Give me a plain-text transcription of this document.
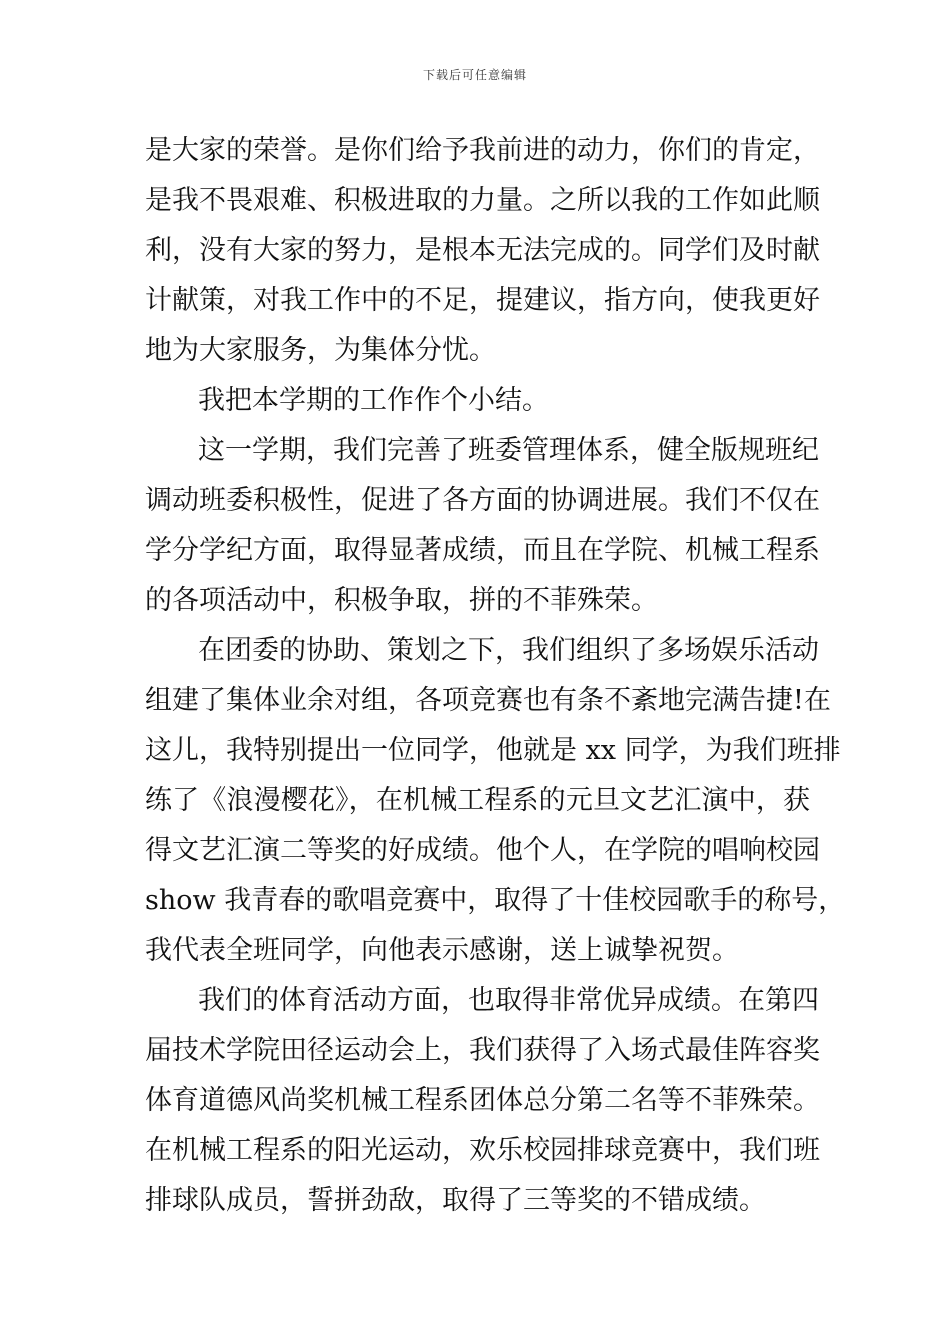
下载后可任意编辑
是大家的荣誉。是你们给予我前进的动力，你们的肯定，
是我不畏艰难、积极进取的力量。之所以我的工作如此顺
利，没有大家的努力，是根本无法完成的。同学们及时献
计献策，对我工作中的不足，提建议，指方向，使我更好
地为大家服务，为集体分忧。
我把本学期的工作作个小结。
这一学期，我们完善了班委管理体系，健全版规班纪
调动班委积极性，促进了各方面的协调进展。我们不仅在
学分学纪方面，取得显著成绩，而且在学院、机械工程系
的各项活动中，积极争取，拼的不菲殊荣。
在团委的协助、策划之下，我们组织了多场娱乐活动
组建了集体业余对组，各项竞赛也有条不紊地完满告捷!在
这儿，我特别提出一位同学，他就是 xx 同学，为我们班排
练了《浪漫樱花》，在机械工程系的元旦文艺汇演中，获
得文艺汇演二等奖的好成绩。他个人，在学院的唱响校园
show 我青春的歌唱竞赛中，取得了十佳校园歌手的称号，
我代表全班同学，向他表示感谢，送上诚挚祝贺。
我们的体育活动方面，也取得非常优异成绩。在第四
届技术学院田径运动会上，我们获得了入场式最佳阵容奖
体育道德风尚奖机械工程系团体总分第二名等不菲殊荣。
在机械工程系的阳光运动，欢乐校园排球竞赛中，我们班
排球队成员，誓拼劲敌，取得了三等奖的不错成绩。
